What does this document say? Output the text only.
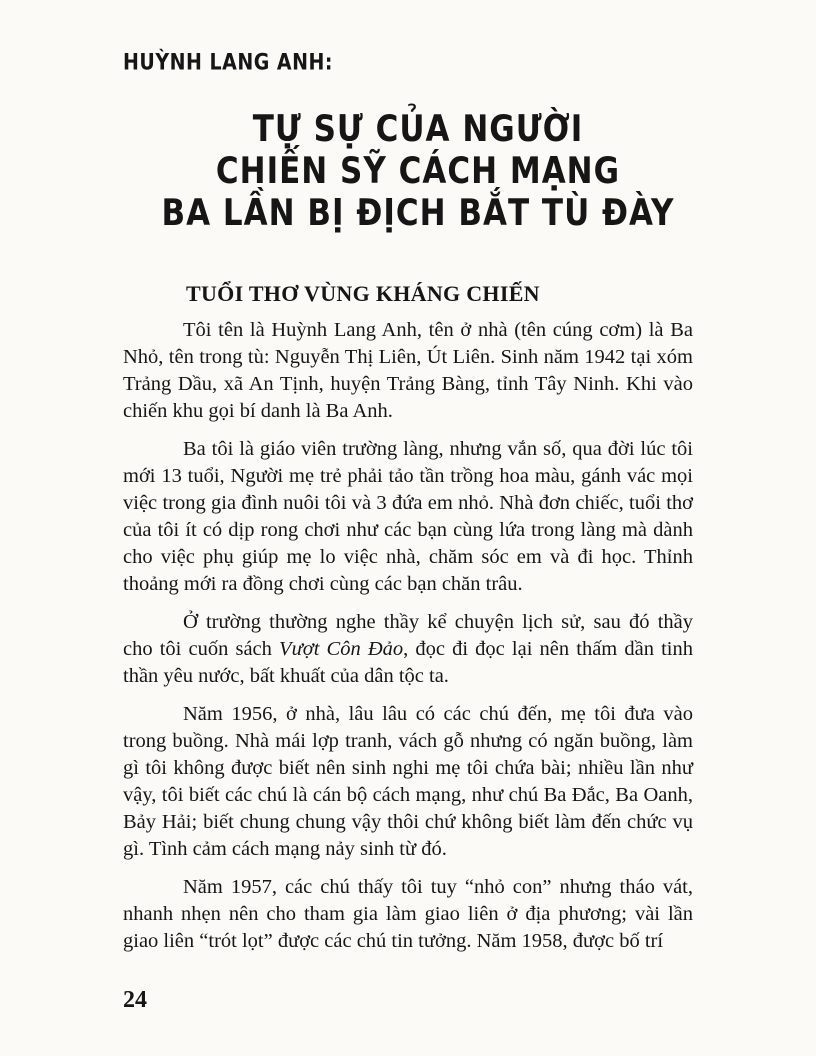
HUỲNH LANG ANH:
TỰ SỰ CỦA NGƯỜI
CHIẾN SỸ CÁCH MẠNG
BA LẦN BỊ ĐỊCH BẮT TÙ ĐÀY
TUỔI THƠ VÙNG KHÁNG CHIẾN

Tôi tên là Huỳnh Lang Anh, tên ở nhà (tên cúng cơm) là Ba Nhỏ, tên trong tù: Nguyễn Thị Liên, Út Liên. Sinh năm 1942 tại xóm Trảng Dầu, xã An Tịnh, huyện Trảng Bàng, tỉnh Tây Ninh. Khi vào chiến khu gọi bí danh là Ba Anh.

Ba tôi là giáo viên trường làng, nhưng vắn số, qua đời lúc tôi mới 13 tuổi, Người mẹ trẻ phải tảo tần trồng hoa màu, gánh vác mọi việc trong gia đình nuôi tôi và 3 đứa em nhỏ. Nhà đơn chiếc, tuổi thơ của tôi ít có dịp rong chơi như các bạn cùng lứa trong làng mà dành cho việc phụ giúp mẹ lo việc nhà, chăm sóc em và đi học. Thỉnh thoảng mới ra đồng chơi cùng các bạn chăn trâu.

Ở trường thường nghe thầy kể chuyện lịch sử, sau đó thầy cho tôi cuốn sách Vượt Côn Đảo, đọc đi đọc lại nên thấm dần tinh thần yêu nước, bất khuất của dân tộc ta.

Năm 1956, ở nhà, lâu lâu có các chú đến, mẹ tôi đưa vào trong buồng. Nhà mái lợp tranh, vách gỗ nhưng có ngăn buồng, làm gì tôi không được biết nên sinh nghi mẹ tôi chứa bài; nhiều lần như vậy, tôi biết các chú là cán bộ cách mạng, như chú Ba Đắc, Ba Oanh, Bảy Hải; biết chung chung vậy thôi chứ không biết làm đến chức vụ gì. Tình cảm cách mạng nảy sinh từ đó.

Năm 1957, các chú thấy tôi tuy “nhỏ con” nhưng tháo vát, nhanh nhẹn nên cho tham gia làm giao liên ở địa phương; vài lần giao liên “trót lọt” được các chú tin tưởng. Năm 1958, được bố trí

24
